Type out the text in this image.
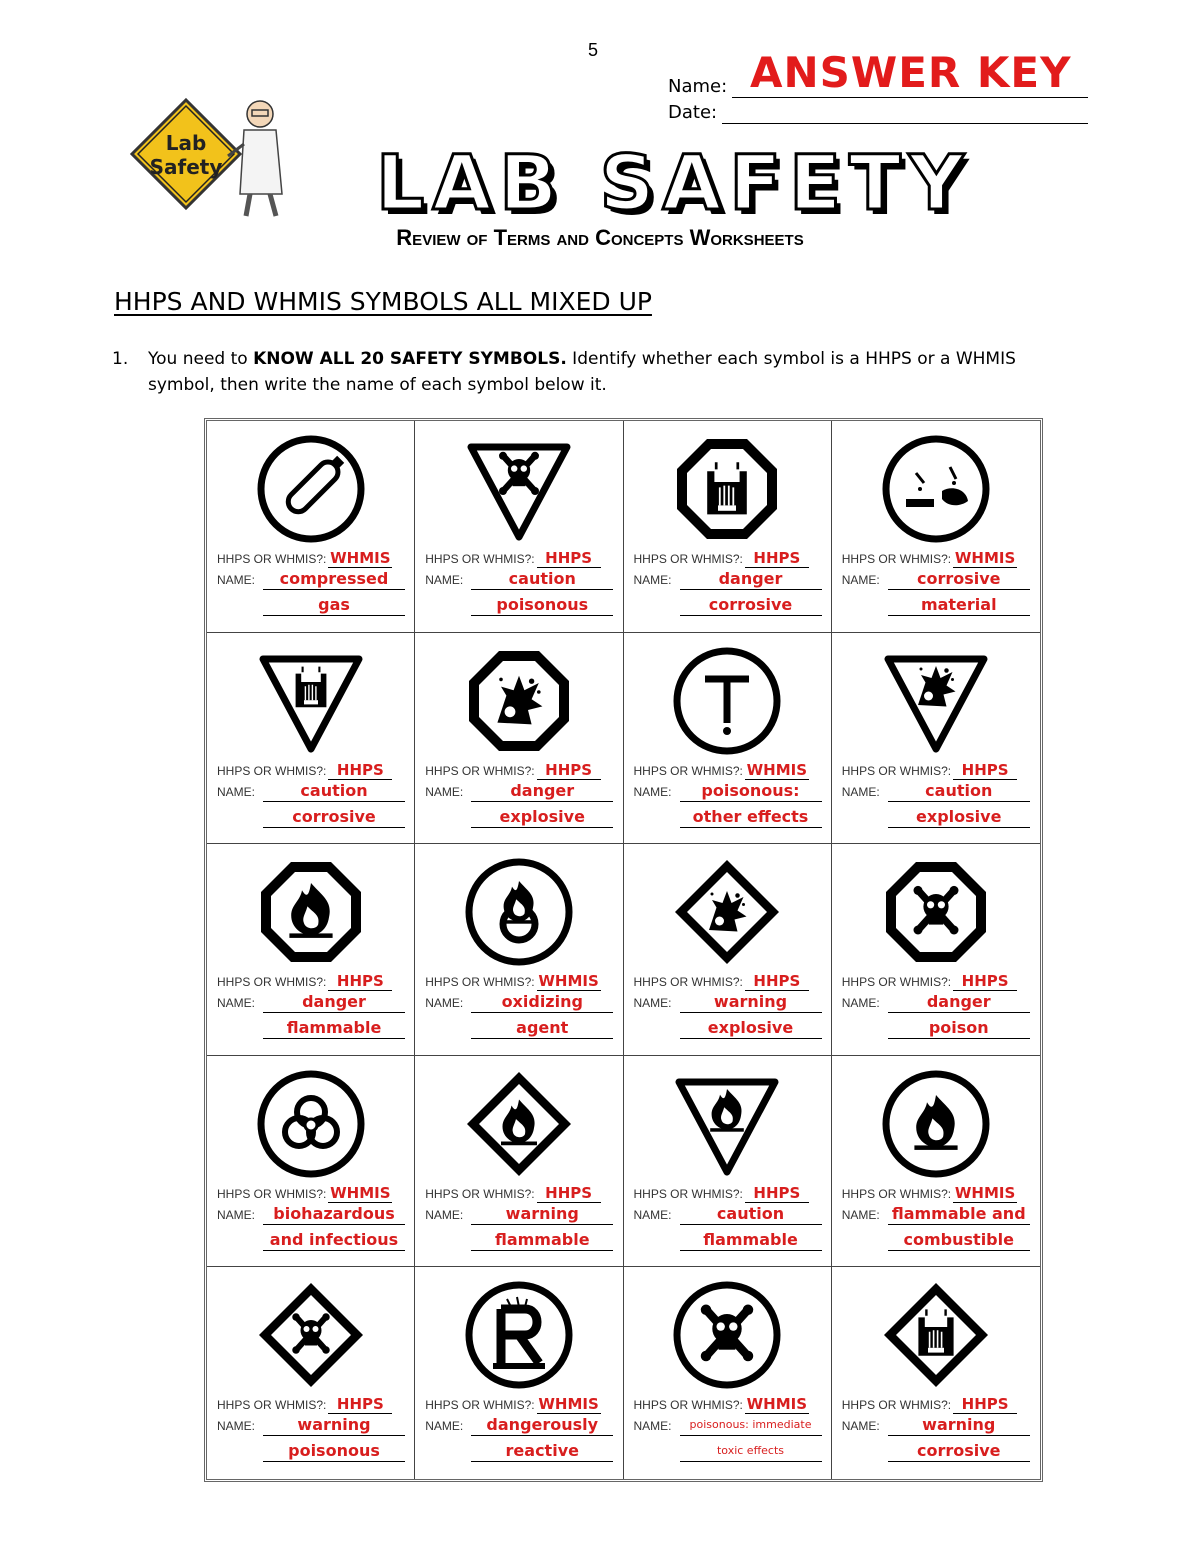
5	ANSWER KEY
Name:
Date:
Lab
Safety LAB SAFETY
Review of Terms and Concepts Worksheets
HHPS AND WHMIS SYMBOLS ALL MIXED UP
1. You need to KNOW ALL 20 SAFETY SYMBOLS. Identify whether each symbol is a HHPS or a WHMIS symbol, then write the name of each symbol below it.
HHPS OR WHMIS?: WHMIS
NAME:	compressed
gas
HHPS OR WHMIS?: HHPS
NAME:	caution
poisonous
HHPS OR WHMIS?: HHPS
NAME:	danger
corrosive
HHPS OR WHMIS?: WHMIS
NAME:	corrosive
material
HHPS OR WHMIS?: HHPS
NAME:	caution
corrosive
HHPS OR WHMIS?: HHPS
NAME:	danger
explosive
HHPS OR WHMIS?: WHMIS
NAME:	poisonous:
other effects
HHPS OR WHMIS?: HHPS
NAME:	caution
explosive
HHPS OR WHMIS?: HHPS
NAME:	danger
flammable
HHPS OR WHMIS?: WHMIS
NAME:	oxidizing
agent
HHPS OR WHMIS?: HHPS
NAME:	warning
explosive
HHPS OR WHMIS?: HHPS
NAME:	danger
poison
HHPS OR WHMIS?: WHMIS
NAME:	biohazardous
and infectious
HHPS OR WHMIS?: HHPS
NAME:	warning
flammable
HHPS OR WHMIS?: HHPS
NAME:	caution
flammable
HHPS OR WHMIS?: WHMIS
NAME: flammable and
combustible
HHPS OR WHMIS?: HHPS
NAME:	warning
poisonous
HHPS OR WHMIS?: WHMIS
NAME:	dangerously
reactive
HHPS OR WHMIS?: WHMIS
NAME:	poisonous: immediate
toxic effects
HHPS OR WHMIS?: HHPS
NAME:	warning
corrosive
